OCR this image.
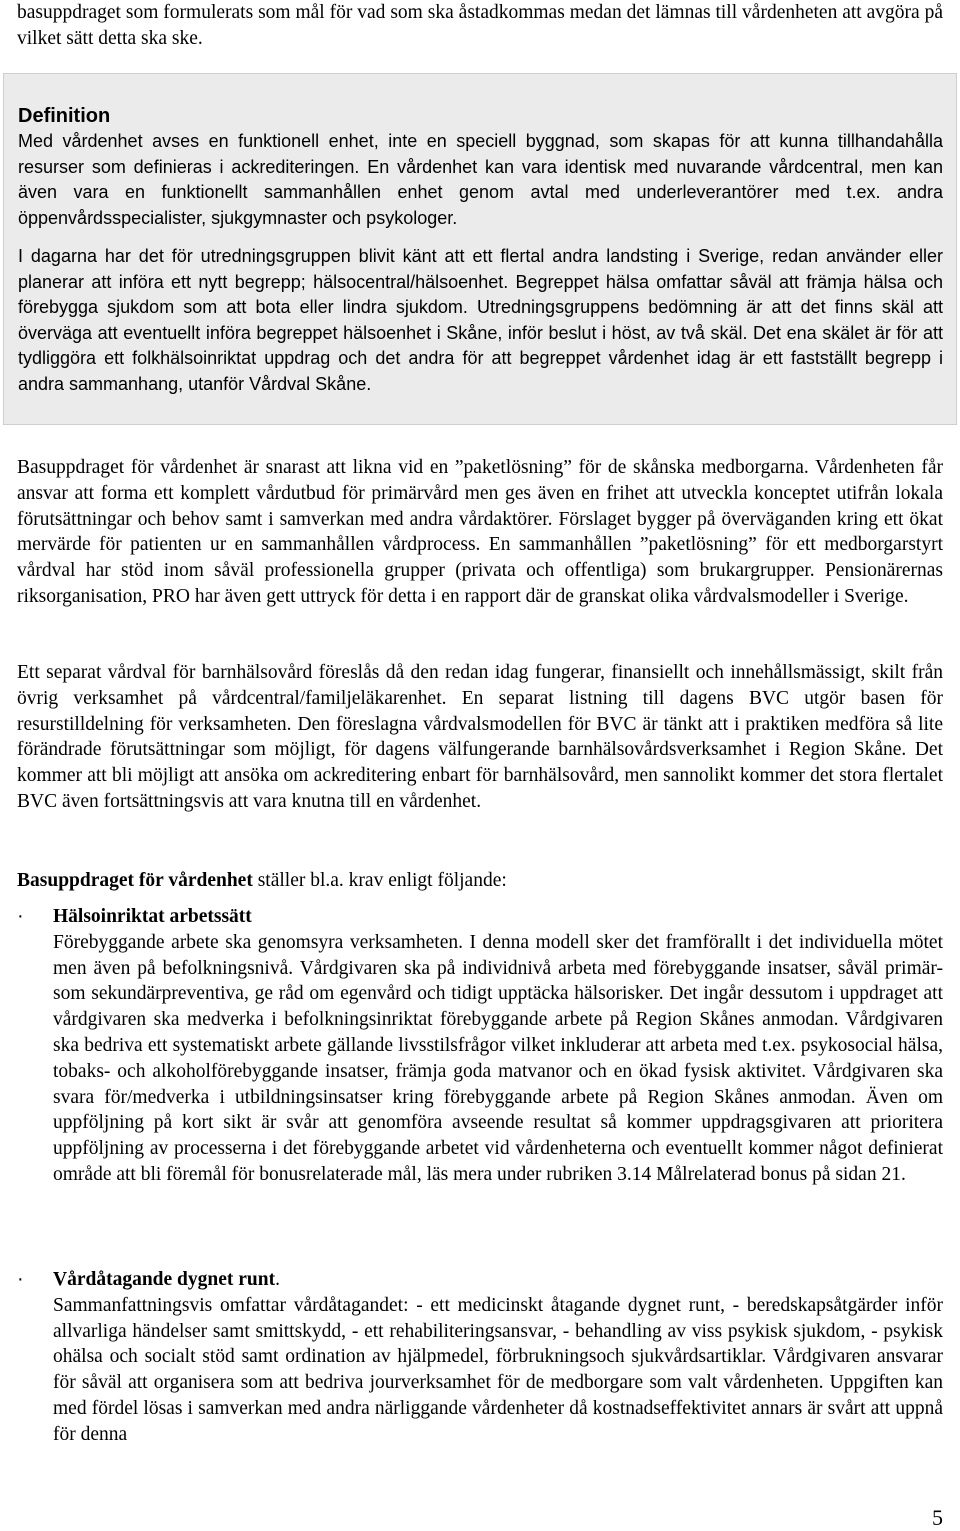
basuppdraget som formulerats som mål för vad som ska åstadkommas medan det lämnas till vårdenheten att avgöra på vilket sätt detta ska ske.

Definition

Med vårdenhet avses en funktionell enhet, inte en speciell byggnad, som skapas för att kunna tillhandahålla resurser som definieras i ackrediteringen. En vårdenhet kan vara identisk med nuvarande vårdcentral, men kan även vara en funktionellt sammanhållen enhet genom avtal med underleverantörer med t.ex. andra öppenvårdsspecialister, sjukgymnaster och psykologer.

I dagarna har det för utredningsgruppen blivit känt att ett flertal andra landsting i Sverige, redan använder eller planerar att införa ett nytt begrepp; hälsocentral/hälsoenhet. Begreppet hälsa omfattar såväl att främja hälsa och förebygga sjukdom som att bota eller lindra sjukdom. Utredningsgruppens bedömning är att det finns skäl att överväga att eventuellt införa begreppet hälsoenhet i Skåne, inför beslut i höst, av två skäl. Det ena skälet är för att tydliggöra ett folkhälsoinriktat uppdrag och det andra för att begreppet vårdenhet idag är ett fastställt begrepp i andra sammanhang, utanför Vårdval Skåne.

Basuppdraget för vårdenhet är snarast att likna vid en ”paketlösning” för de skånska medborgarna. Vårdenheten får ansvar att forma ett komplett vårdutbud för primärvård men ges även en frihet att utveckla konceptet utifrån lokala förutsättningar och behov samt i samverkan med andra vårdaktörer. Förslaget bygger på överväganden kring ett ökat mervärde för patienten ur en sammanhållen vårdprocess. En sammanhållen ”paketlösning” för ett medborgarstyrt vårdval har stöd inom såväl professionella grupper (privata och offentliga) som brukargrupper. Pensionärernas riksorganisation, PRO har även gett uttryck för detta i en rapport där de granskat olika vårdvalsmodeller i Sverige.

Ett separat vårdval för barnhälsovård föreslås då den redan idag fungerar, finansiellt och innehållsmässigt, skilt från övrig verksamhet på vårdcentral/familjeläkarenhet. En separat listning till dagens BVC utgör basen för resurstilldelning för verksamheten. Den föreslagna vårdvalsmodellen för BVC är tänkt att i praktiken medföra så lite förändrade förutsättningar som möjligt, för dagens välfungerande barnhälsovårdsverksamhet i Region Skåne. Det kommer att bli möjligt att ansöka om ackreditering enbart för barnhälsovård, men sannolikt kommer det stora flertalet BVC även fortsättningsvis att vara knutna till en vårdenhet.

Basuppdraget för vårdenhet ställer bl.a. krav enligt följande:

· Hälsoinriktat arbetssätt

Förebyggande arbete ska genomsyra verksamheten. I denna modell sker det framförallt i det individuella mötet men även på befolkningsnivå. Vårdgivaren ska på individnivå arbeta med förebyggande insatser, såväl primär- som sekundärpreventiva, ge råd om egenvård och tidigt upptäcka hälsorisker. Det ingår dessutom i uppdraget att vårdgivaren ska medverka i befolkningsinriktat förebyggande arbete på Region Skånes anmodan. Vårdgivaren ska bedriva ett systematiskt arbete gällande livsstilsfrågor vilket inkluderar att arbeta med t.ex. psykosocial hälsa, tobaks- och alkoholförebyggande insatser, främja goda matvanor och en ökad fysisk aktivitet. Vårdgivaren ska svara för/medverka i utbildningsinsatser kring förebyggande arbete på Region Skånes anmodan. Även om uppföljning på kort sikt är svår att genomföra avseende resultat så kommer uppdragsgivaren att prioritera uppföljning av processerna i det förebyggande arbetet vid vårdenheterna och eventuellt kommer något definierat område att bli föremål för bonusrelaterade mål, läs mera under rubriken 3.14 Målrelaterad bonus på sidan 21.

· Vårdåtagande dygnet runt.

Sammanfattningsvis omfattar vårdåtagandet: - ett medicinskt åtagande dygnet runt, - beredskapsåtgärder inför allvarliga händelser samt smittskydd, - ett rehabiliteringsansvar, - behandling av viss psykisk sjukdom, - psykisk ohälsa och socialt stöd samt ordination av hjälpmedel, förbrukningsoch sjukvårdsartiklar. Vårdgivaren ansvarar för såväl att organisera som att bedriva jourverksamhet för de medborgare som valt vårdenheten. Uppgiften kan med fördel lösas i samverkan med andra närliggande vårdenheter då kostnadseffektivitet annars är svårt att uppnå för denna

5
